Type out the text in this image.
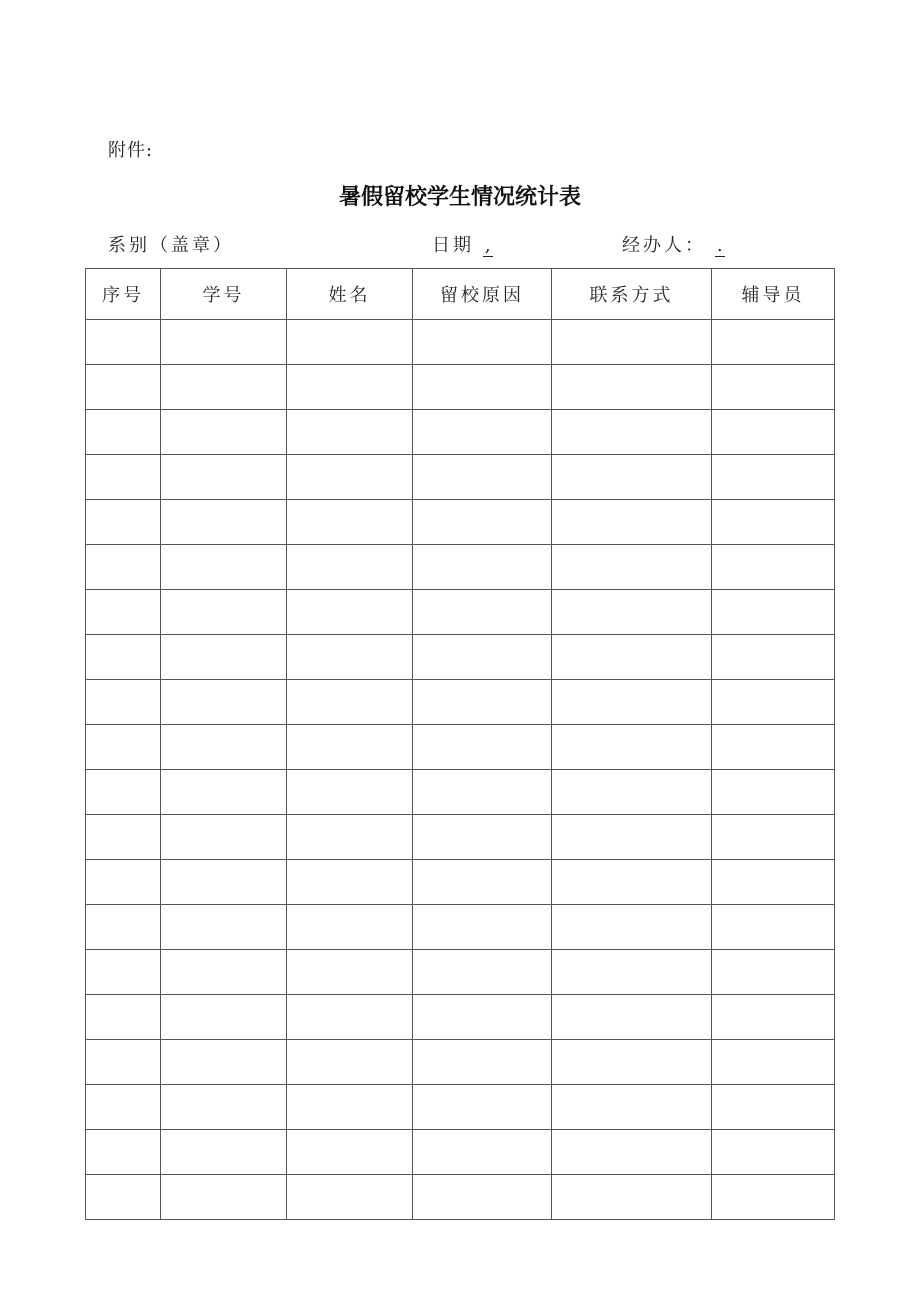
附件:
暑假留校学生情况统计表
系别（盖章）	日期 ,	经办人： .
序号	学号	姓名	留校原因	联系方式	辅导员
